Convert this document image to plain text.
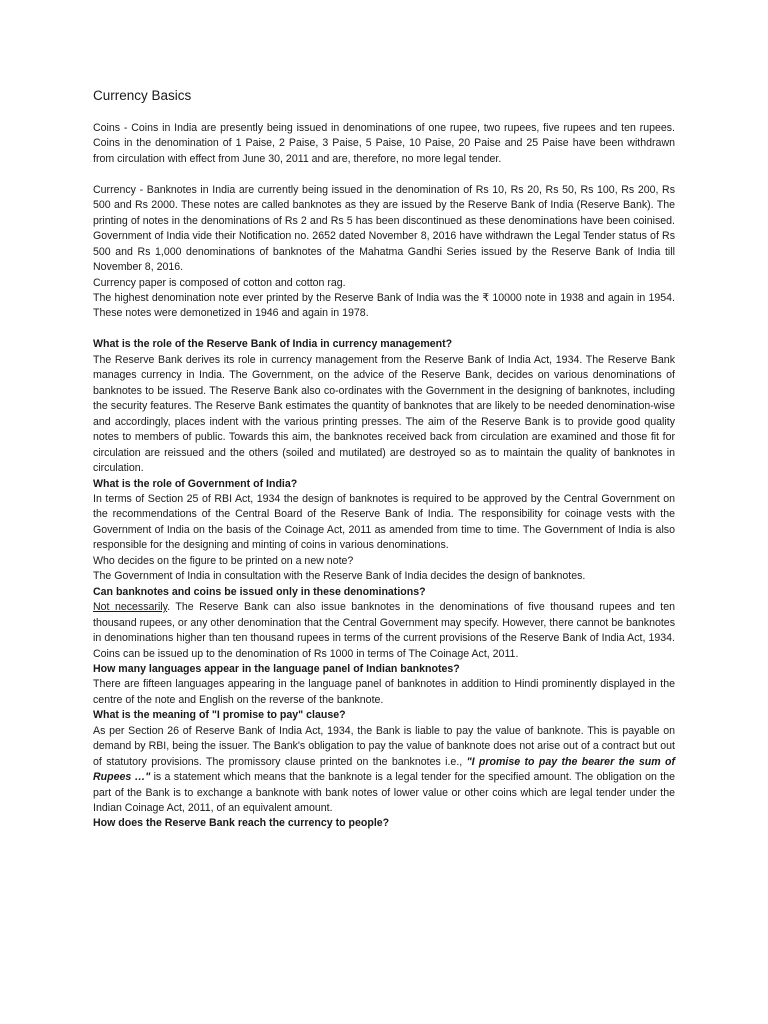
Currency Basics

Coins - Coins in India are presently being issued in denominations of one rupee, two rupees, five rupees and ten rupees. Coins in the denomination of 1 Paise, 2 Paise, 3 Paise, 5 Paise, 10 Paise, 20 Paise and 25 Paise have been withdrawn from circulation with effect from June 30, 2011 and are, therefore, no more legal tender.

Currency - Banknotes in India are currently being issued in the denomination of Rs 10, Rs 20, Rs 50, Rs 100, Rs 200, Rs 500 and Rs 2000. These notes are called banknotes as they are issued by the Reserve Bank of India (Reserve Bank). The printing of notes in the denominations of Rs 2 and Rs 5 has been discontinued as these denominations have been coinised. Government of India vide their Notification no. 2652 dated November 8, 2016 have withdrawn the Legal Tender status of Rs 500 and Rs 1,000 denominations of banknotes of the Mahatma Gandhi Series issued by the Reserve Bank of India till November 8, 2016.

Currency paper is composed of cotton and cotton rag.

The highest denomination note ever printed by the Reserve Bank of India was the ₹ 10000 note in 1938 and again in 1954. These notes were demonetized in 1946 and again in 1978.

What is the role of the Reserve Bank of India in currency management?

The Reserve Bank derives its role in currency management from the Reserve Bank of India Act, 1934. The Reserve Bank manages currency in India. The Government, on the advice of the Reserve Bank, decides on various denominations of banknotes to be issued. The Reserve Bank also co-ordinates with the Government in the designing of banknotes, including the security features. The Reserve Bank estimates the quantity of banknotes that are likely to be needed denomination-wise and accordingly, places indent with the various printing presses. The aim of the Reserve Bank is to provide good quality notes to members of public. Towards this aim, the banknotes received back from circulation are examined and those fit for circulation are reissued and the others (soiled and mutilated) are destroyed so as to maintain the quality of banknotes in circulation.

What is the role of Government of India?

In terms of Section 25 of RBI Act, 1934 the design of banknotes is required to be approved by the Central Government on the recommendations of the Central Board of the Reserve Bank of India. The responsibility for coinage vests with the Government of India on the basis of the Coinage Act, 2011 as amended from time to time. The Government of India is also responsible for the designing and minting of coins in various denominations.

Who decides on the figure to be printed on a new note?

The Government of India in consultation with the Reserve Bank of India decides the design of banknotes.

Can banknotes and coins be issued only in these denominations?

Not necessarily. The Reserve Bank can also issue banknotes in the denominations of five thousand rupees and ten thousand rupees, or any other denomination that the Central Government may specify. However, there cannot be banknotes in denominations higher than ten thousand rupees in terms of the current provisions of the Reserve Bank of India Act, 1934. Coins can be issued up to the denomination of Rs 1000 in terms of The Coinage Act, 2011.

How many languages appear in the language panel of Indian banknotes?

There are fifteen languages appearing in the language panel of banknotes in addition to Hindi prominently displayed in the centre of the note and English on the reverse of the banknote.

What is the meaning of "I promise to pay" clause?

As per Section 26 of Reserve Bank of India Act, 1934, the Bank is liable to pay the value of banknote. This is payable on demand by RBI, being the issuer. The Bank's obligation to pay the value of banknote does not arise out of a contract but out of statutory provisions. The promissory clause printed on the banknotes i.e., "I promise to pay the bearer the sum of Rupees …" is a statement which means that the banknote is a legal tender for the specified amount. The obligation on the part of the Bank is to exchange a banknote with bank notes of lower value or other coins which are legal tender under the Indian Coinage Act, 2011, of an equivalent amount.

How does the Reserve Bank reach the currency to people?
